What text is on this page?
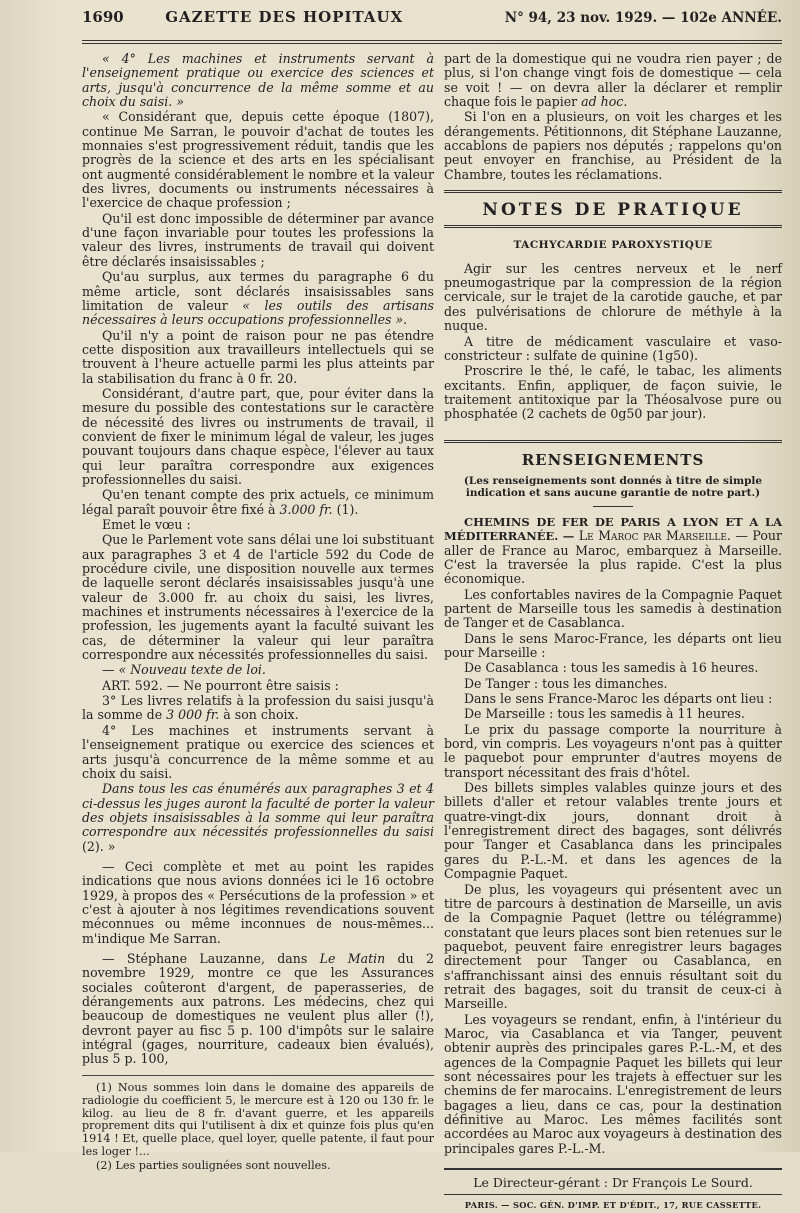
1690	GAZETTE DES HOPITAUX	N° 94, 23 nov. 1929. — 102e ANNÉE.

« 4° Les machines et instruments servant à l'enseignement pratique ou exercice des sciences et arts, jusqu'à concurrence de la même somme et au choix du saisi. »

« Considérant que, depuis cette époque (1807), continue Me Sarran, le pouvoir d'achat de toutes les monnaies s'est progressivement réduit, tandis que les progrès de la science et des arts en les spécialisant ont augmenté considérablement le nombre et la valeur des livres, documents ou instruments nécessaires à l'exercice de chaque profession ;

Qu'il est donc impossible de déterminer par avance d'une façon invariable pour toutes les professions la valeur des livres, instruments de travail qui doivent être déclarés insaisissables ;

Qu'au surplus, aux termes du paragraphe 6 du même article, sont déclarés insaisissables sans limitation de valeur « les outils des artisans nécessaires à leurs occupations professionnelles ».

Qu'il n'y a point de raison pour ne pas étendre cette disposition aux travailleurs intellectuels qui se trouvent à l'heure actuelle parmi les plus atteints par la stabilisation du franc à 0 fr. 20.

Considérant, d'autre part, que, pour éviter dans la mesure du possible des contestations sur le caractère de nécessité des livres ou instruments de travail, il convient de fixer le minimum légal de valeur, les juges pouvant toujours dans chaque espèce, l'élever au taux qui leur paraîtra correspondre aux exigences professionnelles du saisi.

Qu'en tenant compte des prix actuels, ce minimum légal paraît pouvoir être fixé à 3.000 fr. (1).

Emet le vœu :

Que le Parlement vote sans délai une loi substituant aux paragraphes 3 et 4 de l'article 592 du Code de procédure civile, une disposition nouvelle aux termes de laquelle seront déclarés insaisissables jusqu'à une valeur de 3.000 fr. au choix du saisi, les livres, machines et instruments nécessaires à l'exercice de la profession, les jugements ayant la faculté suivant les cas, de déterminer la valeur qui leur paraîtra correspondre aux nécessités professionnelles du saisi.

— « Nouveau texte de loi.

ART. 592. — Ne pourront être saisis :

3° Les livres relatifs à la profession du saisi jusqu'à la somme de 3 000 fr. à son choix.

4° Les machines et instruments servant à l'enseignement pratique ou exercice des sciences et arts jusqu'à concurrence de la même somme et au choix du saisi.

Dans tous les cas énumérés aux paragraphes 3 et 4 ci-dessus les juges auront la faculté de porter la valeur des objets insaisissables à la somme qui leur paraîtra correspondre aux nécessités professionnelles du saisi (2). »

— Ceci complète et met au point les rapides indications que nous avions données ici le 16 octobre 1929, à propos des « Persécutions de la profession » et c'est à ajouter à nos légitimes revendications souvent méconnues ou même inconnues de nous-mêmes... m'indique Me Sarran.

— Stéphane Lauzanne, dans Le Matin du 2 novembre 1929, montre ce que les Assurances sociales coûteront d'argent, de paperasseries, de dérangements aux patrons. Les médecins, chez qui beaucoup de domestiques ne veulent plus aller (!), devront payer au fisc 5 p. 100 d'impôts sur le salaire intégral (gages, nourriture, cadeaux bien évalués), plus 5 p. 100,

(1) Nous sommes loin dans le domaine des appareils de radiologie du coefficient 5, le mercure est à 120 ou 130 fr. le kilog. au lieu de 8 fr. d'avant guerre, et les appareils proprement dits qui l'utilisent à dix et quinze fois plus qu'en 1914 ! Et, quelle place, quel loyer, quelle patente, il faut pour les loger !...

(2) Les parties soulignées sont nouvelles.

part de la domestique qui ne voudra rien payer ; de plus, si l'on change vingt fois de domestique — cela se voit ! — on devra aller la déclarer et remplir chaque fois le papier ad hoc.

Si l'on en a plusieurs, on voit les charges et les dérangements. Pétitionnons, dit Stéphane Lauzanne, accablons de papiers nos députés ; rappelons qu'on peut envoyer en franchise, au Président de la Chambre, toutes les réclamations.

NOTES DE PRATIQUE
TACHYCARDIE PAROXYSTIQUE

Agir sur les centres nerveux et le nerf pneumogastrique par la compression de la région cervicale, sur le trajet de la carotide gauche, et par des pulvérisations de chlorure de méthyle à la nuque.

A titre de médicament vasculaire et vaso-constricteur : sulfate de quinine (1g50).

Proscrire le thé, le café, le tabac, les aliments excitants. Enfin, appliquer, de façon suivie, le traitement antitoxique par la Théosalvose pure ou phosphatée (2 cachets de 0g50 par jour).

RENSEIGNEMENTS
(Les renseignements sont donnés à titre de simple indication et sans aucune garantie de notre part.)

CHEMINS DE FER DE PARIS A LYON ET A LA MÉDITERRANÉE. — Le Maroc par Marseille. — Pour aller de France au Maroc, embarquez à Marseille. C'est la traversée la plus rapide. C'est la plus économique.

Les confortables navires de la Compagnie Paquet partent de Marseille tous les samedis à destination de Tanger et de Casablanca.

Dans le sens Maroc-France, les départs ont lieu pour Marseille :

De Casablanca : tous les samedis à 16 heures.

De Tanger : tous les dimanches.

Dans le sens France-Maroc les départs ont lieu :

De Marseille : tous les samedis à 11 heures.

Le prix du passage comporte la nourriture à bord, vin compris. Les voyageurs n'ont pas à quitter le paquebot pour emprunter d'autres moyens de transport nécessitant des frais d'hôtel.

Des billets simples valables quinze jours et des billets d'aller et retour valables trente jours et quatre-vingt-dix jours, donnant droit à l'enregistrement direct des bagages, sont délivrés pour Tanger et Casablanca dans les principales gares du P.-L.-M. et dans les agences de la Compagnie Paquet.

De plus, les voyageurs qui présentent avec un titre de parcours à destination de Marseille, un avis de la Compagnie Paquet (lettre ou télégramme) constatant que leurs places sont bien retenues sur le paquebot, peuvent faire enregistrer leurs bagages directement pour Tanger ou Casablanca, en s'affranchissant ainsi des ennuis résultant soit du retrait des bagages, soit du transit de ceux-ci à Marseille.

Les voyageurs se rendant, enfin, à l'intérieur du Maroc, via Casablanca et via Tanger, peuvent obtenir auprès des principales gares P.-L.-M, et des agences de la Compagnie Paquet les billets qui leur sont nécessaires pour les trajets à effectuer sur les chemins de fer marocains. L'enregistrement de leurs bagages a lieu, dans ce cas, pour la destination définitive au Maroc. Les mêmes facilités sont accordées au Maroc aux voyageurs à destination des principales gares P.-L.-M.

Le Directeur-gérant : Dr François Le Sourd.
PARIS. — SOC. GÉN. D'IMP. ET D'ÉDIT., 17, RUE CASSETTE.
